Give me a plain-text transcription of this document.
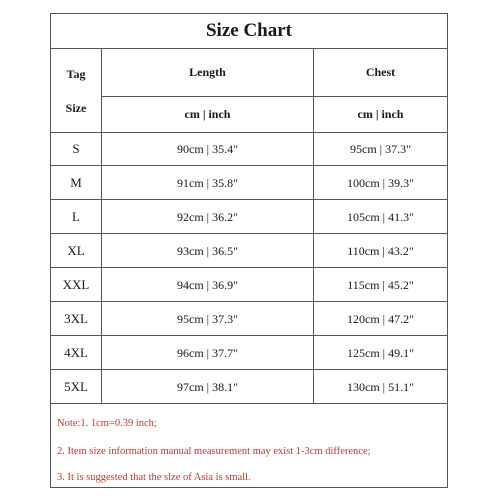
Size Chart
Tag
Size
Length	Chest
cm | inch	cm | inch
S	90cm | 35.4"	95cm | 37.3"
M	91cm | 35.8"	100cm | 39.3"
L	92cm | 36.2"	105cm | 41.3"
XL	93cm | 36.5"	110cm | 43.2"
XXL	94cm | 36.9"	115cm | 45.2"
3XL	95cm | 37.3"	120cm | 47.2"
4XL	96cm | 37.7"	125cm | 49.1"
5XL	97cm | 38.1"	130cm | 51.1"
Note:1. 1cm=0.39 inch;
2. Item size information manual measurement may exist 1-3cm difference;
3. It is suggested that the size of Asia is small.
